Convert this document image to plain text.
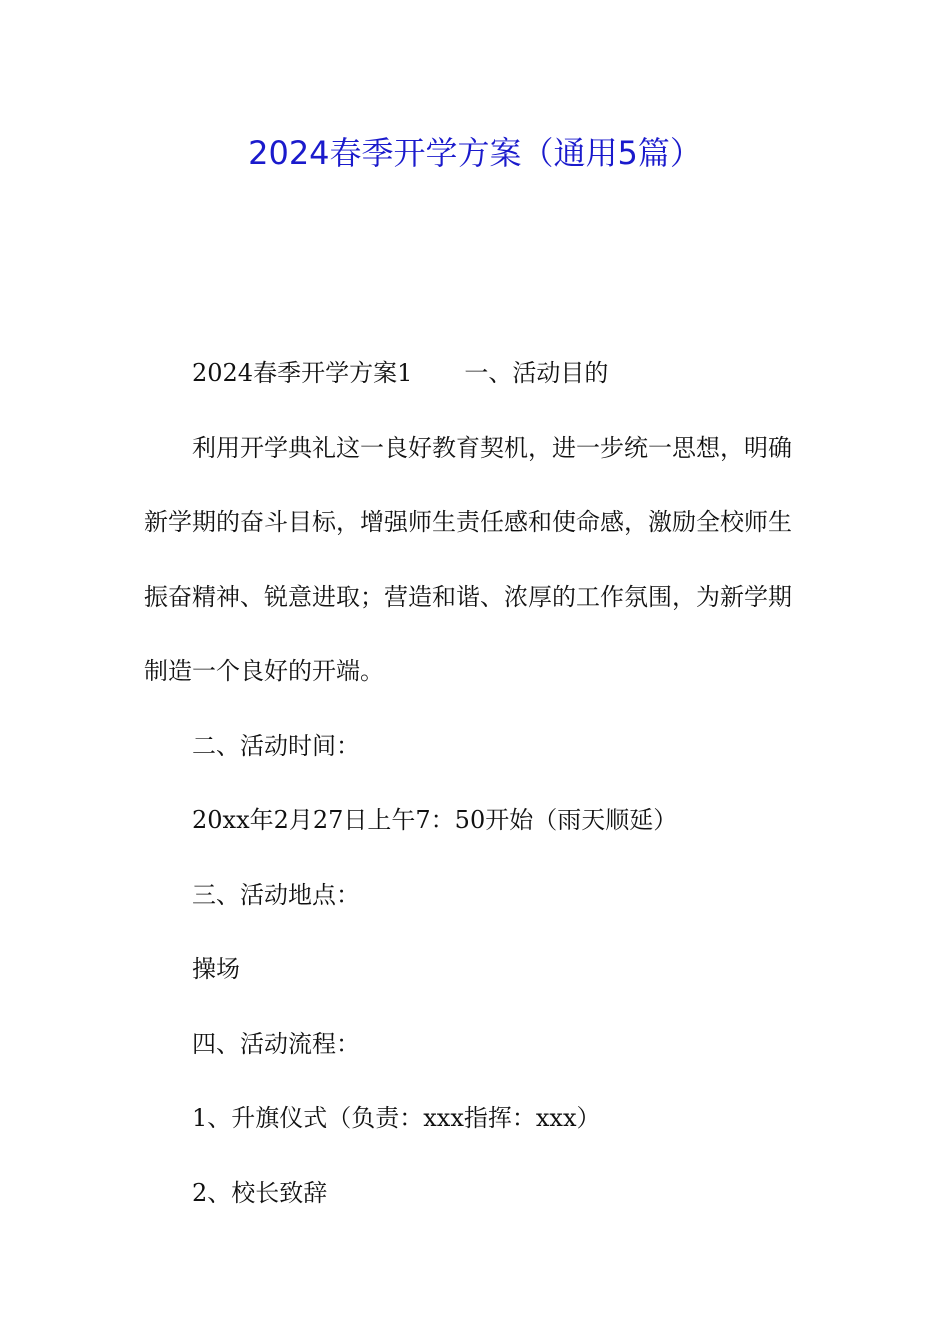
2024春季开学方案（通用5篇）

2024春季开学方案1 一、活动目的

利用开学典礼这一良好教育契机，进一步统一思想，明确新学期的奋斗目标，增强师生责任感和使命感，激励全校师生振奋精神、锐意进取；营造和谐、浓厚的工作氛围，为新学期制造一个良好的开端。

二、活动时间：

20xx年2月27日上午7：50开始（雨天顺延）

三、活动地点：

操场

四、活动流程：

1、升旗仪式（负责：xxx指挥：xxx）

2、校长致辞
